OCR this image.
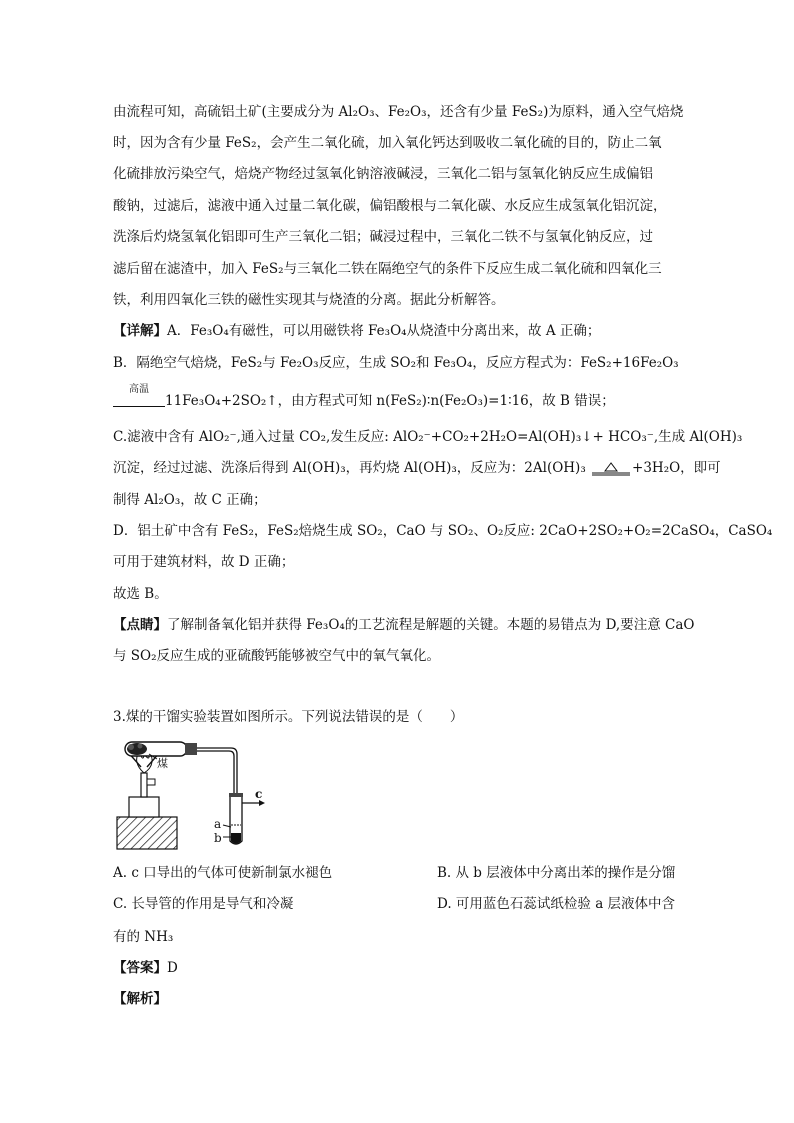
由流程可知，高硫铝土矿(主要成分为 Al₂O₃、Fe₂O₃，还含有少量 FeS₂)为原料，通入空气焙烧
时，因为含有少量 FeS₂，会产生二氧化硫，加入氧化钙达到吸收二氧化硫的目的，防止二氧
化硫排放污染空气，焙烧产物经过氢氧化钠溶液碱浸，三氧化二铝与氢氧化钠反应生成偏铝
酸钠，过滤后，滤液中通入过量二氧化碳，偏铝酸根与二氧化碳、水反应生成氢氧化铝沉淀，
洗涤后灼烧氢氧化铝即可生产三氧化二铝；碱浸过程中，三氧化二铁不与氢氧化钠反应，过
滤后留在滤渣中，加入 FeS₂与三氧化二铁在隔绝空气的条件下反应生成二氧化硫和四氧化三
铁，利用四氧化三铁的磁性实现其与烧渣的分离。据此分析解答。
【详解】A．Fe₃O₄有磁性，可以用磁铁将 Fe₃O₄从烧渣中分离出来，故 A 正确；
B．隔绝空气焙烧，FeS₂与 Fe₂O₃反应，生成 SO₂和 Fe₃O₄，反应方程式为：FeS₂+16Fe₂O₃
高温
11Fe₃O₄+2SO₂↑，由方程式可知 n(FeS₂)∶n(Fe₂O₃)=1∶16，故 B 错误；
C.滤液中含有 AlO₂⁻,通入过量 CO₂,发生反应: AlO₂⁻+CO₂+2H₂O=Al(OH)₃↓+ HCO₃⁻,生成 Al(OH)₃
沉淀，经过过滤、洗涤后得到 Al(OH)₃，再灼烧 Al(OH)₃，反应为：2Al(OH)₃	+3H₂O，即可
制得 Al₂O₃，故 C 正确；
D．铝土矿中含有 FeS₂，FeS₂焙烧生成 SO₂，CaO 与 SO₂、O₂反应: 2CaO+2SO₂+O₂=2CaSO₄，CaSO₄
可用于建筑材料，故 D 正确；
故选 B。
【点睛】了解制备氧化铝并获得 Fe₃O₄的工艺流程是解题的关键。本题的易错点为 D,要注意 CaO
与 SO₂反应生成的亚硫酸钙能够被空气中的氧气氧化。
3.煤的干馏实验装置如图所示。下列说法错误的是（　　）
煤
c
a
b
A. c 口导出的气体可使新制氯水褪色	B. 从 b 层液体中分离出苯的操作是分馏
C. 长导管的作用是导气和冷凝	D. 可用蓝色石蕊试纸检验 a 层液体中含
有的 NH₃
【答案】D
【解析】
